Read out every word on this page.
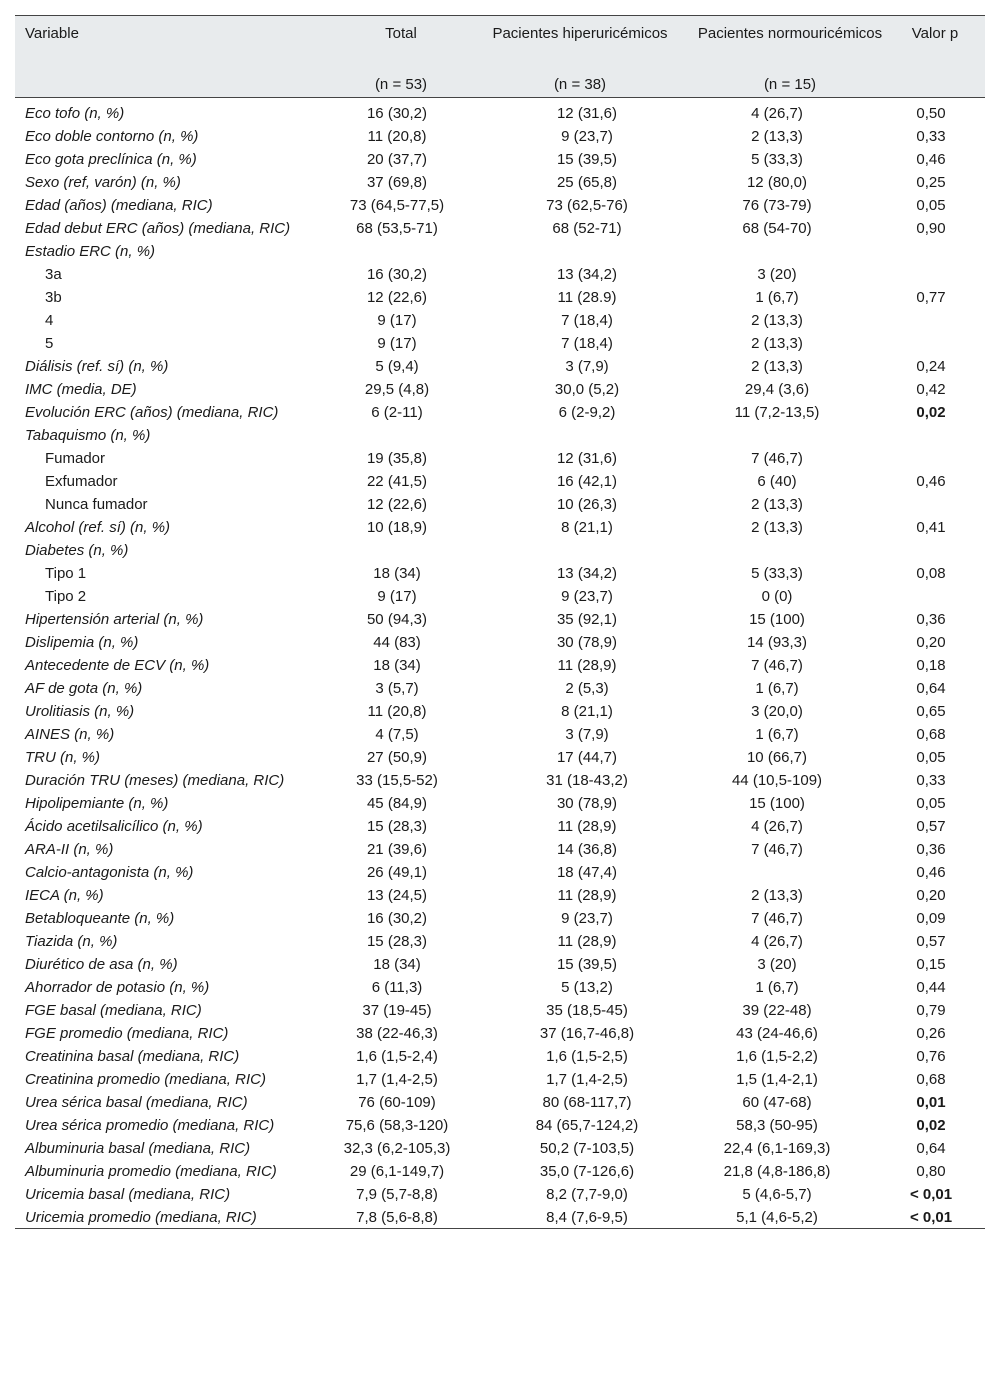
Variable	Total	Pacientes hiperuricémicos	Pacientes normouricémicos	Valor p
(n = 53)	(n = 38)	(n = 15)
Eco tofo (n, %)	16 (30,2)	12 (31,6)	4 (26,7)	0,50
Eco doble contorno (n, %)	11 (20,8)	9 (23,7)	2 (13,3)	0,33
Eco gota preclínica (n, %)	20 (37,7)	15 (39,5)	5 (33,3)	0,46
Sexo (ref, varón) (n, %)	37 (69,8)	25 (65,8)	12 (80,0)	0,25
Edad (años) (mediana, RIC)	73 (64,5-77,5)	73 (62,5-76)	76 (73-79)	0,05
Edad debut ERC (años) (mediana, RIC)	68 (53,5-71)	68 (52-71)	68 (54-70)	0,90
Estadio ERC (n, %)				
3a	16 (30,2)	13 (34,2)	3 (20)	
3b	12 (22,6)	11 (28.9)	1 (6,7)	0,77
4	9 (17)	7 (18,4)	2 (13,3)	
5	9 (17)	7 (18,4)	2 (13,3)	
Diálisis (ref. sí) (n, %)	5 (9,4)	3 (7,9)	2 (13,3)	0,24
IMC (media, DE)	29,5 (4,8)	30,0 (5,2)	29,4 (3,6)	0,42
Evolución ERC (años) (mediana, RIC)	6 (2-11)	6 (2-9,2)	11 (7,2-13,5)	0,02
Tabaquismo (n, %)				
Fumador	19 (35,8)	12 (31,6)	7 (46,7)	
Exfumador	22 (41,5)	16 (42,1)	6 (40)	0,46
Nunca fumador	12 (22,6)	10 (26,3)	2 (13,3)	
Alcohol (ref. sí) (n, %)	10 (18,9)	8 (21,1)	2 (13,3)	0,41
Diabetes (n, %)				
Tipo 1	18 (34)	13 (34,2)	5 (33,3)	0,08
Tipo 2	9 (17)	9 (23,7)	0 (0)	
Hipertensión arterial (n, %)	50 (94,3)	35 (92,1)	15 (100)	0,36
Dislipemia (n, %)	44 (83)	30 (78,9)	14 (93,3)	0,20
Antecedente de ECV (n, %)	18 (34)	11 (28,9)	7 (46,7)	0,18
AF de gota (n, %)	3 (5,7)	2 (5,3)	1 (6,7)	0,64
Urolitiasis (n, %)	11 (20,8)	8 (21,1)	3 (20,0)	0,65
AINES (n, %)	4 (7,5)	3 (7,9)	1 (6,7)	0,68
TRU (n, %)	27 (50,9)	17 (44,7)	10 (66,7)	0,05
Duración TRU (meses) (mediana, RIC)	33 (15,5-52)	31 (18-43,2)	44 (10,5-109)	0,33
Hipolipemiante (n, %)	45 (84,9)	30 (78,9)	15 (100)	0,05
Ácido acetilsalicílico (n, %)	15 (28,3)	11 (28,9)	4 (26,7)	0,57
ARA-II (n, %)	21 (39,6)	14 (36,8)	7 (46,7)	0,36
Calcio-antagonista (n, %)	26 (49,1)	18 (47,4)		0,46
IECA (n, %)	13 (24,5)	11 (28,9)	2 (13,3)	0,20
Betabloqueante (n, %)	16 (30,2)	9 (23,7)	7 (46,7)	0,09
Tiazida (n, %)	15 (28,3)	11 (28,9)	4 (26,7)	0,57
Diurético de asa (n, %)	18 (34)	15 (39,5)	3 (20)	0,15
Ahorrador de potasio (n, %)	6 (11,3)	5 (13,2)	1 (6,7)	0,44
FGE basal (mediana, RIC)	37 (19-45)	35 (18,5-45)	39 (22-48)	0,79
FGE promedio (mediana, RIC)	38 (22-46,3)	37 (16,7-46,8)	43 (24-46,6)	0,26
Creatinina basal (mediana, RIC)	1,6 (1,5-2,4)	1,6 (1,5-2,5)	1,6 (1,5-2,2)	0,76
Creatinina promedio (mediana, RIC)	1,7 (1,4-2,5)	1,7 (1,4-2,5)	1,5 (1,4-2,1)	0,68
Urea sérica basal (mediana, RIC)	76 (60-109)	80 (68-117,7)	60 (47-68)	0,01
Urea sérica promedio (mediana, RIC)	75,6 (58,3-120)	84 (65,7-124,2)	58,3 (50-95)	0,02
Albuminuria basal (mediana, RIC)	32,3 (6,2-105,3)	50,2 (7-103,5)	22,4 (6,1-169,3)	0,64
Albuminuria promedio (mediana, RIC)	29 (6,1-149,7)	35,0 (7-126,6)	21,8 (4,8-186,8)	0,80
Uricemia basal (mediana, RIC)	7,9 (5,7-8,8)	8,2 (7,7-9,0)	5 (4,6-5,7)	< 0,01
Uricemia promedio (mediana, RIC)	7,8 (5,6-8,8)	8,4 (7,6-9,5)	5,1 (4,6-5,2)	< 0,01
